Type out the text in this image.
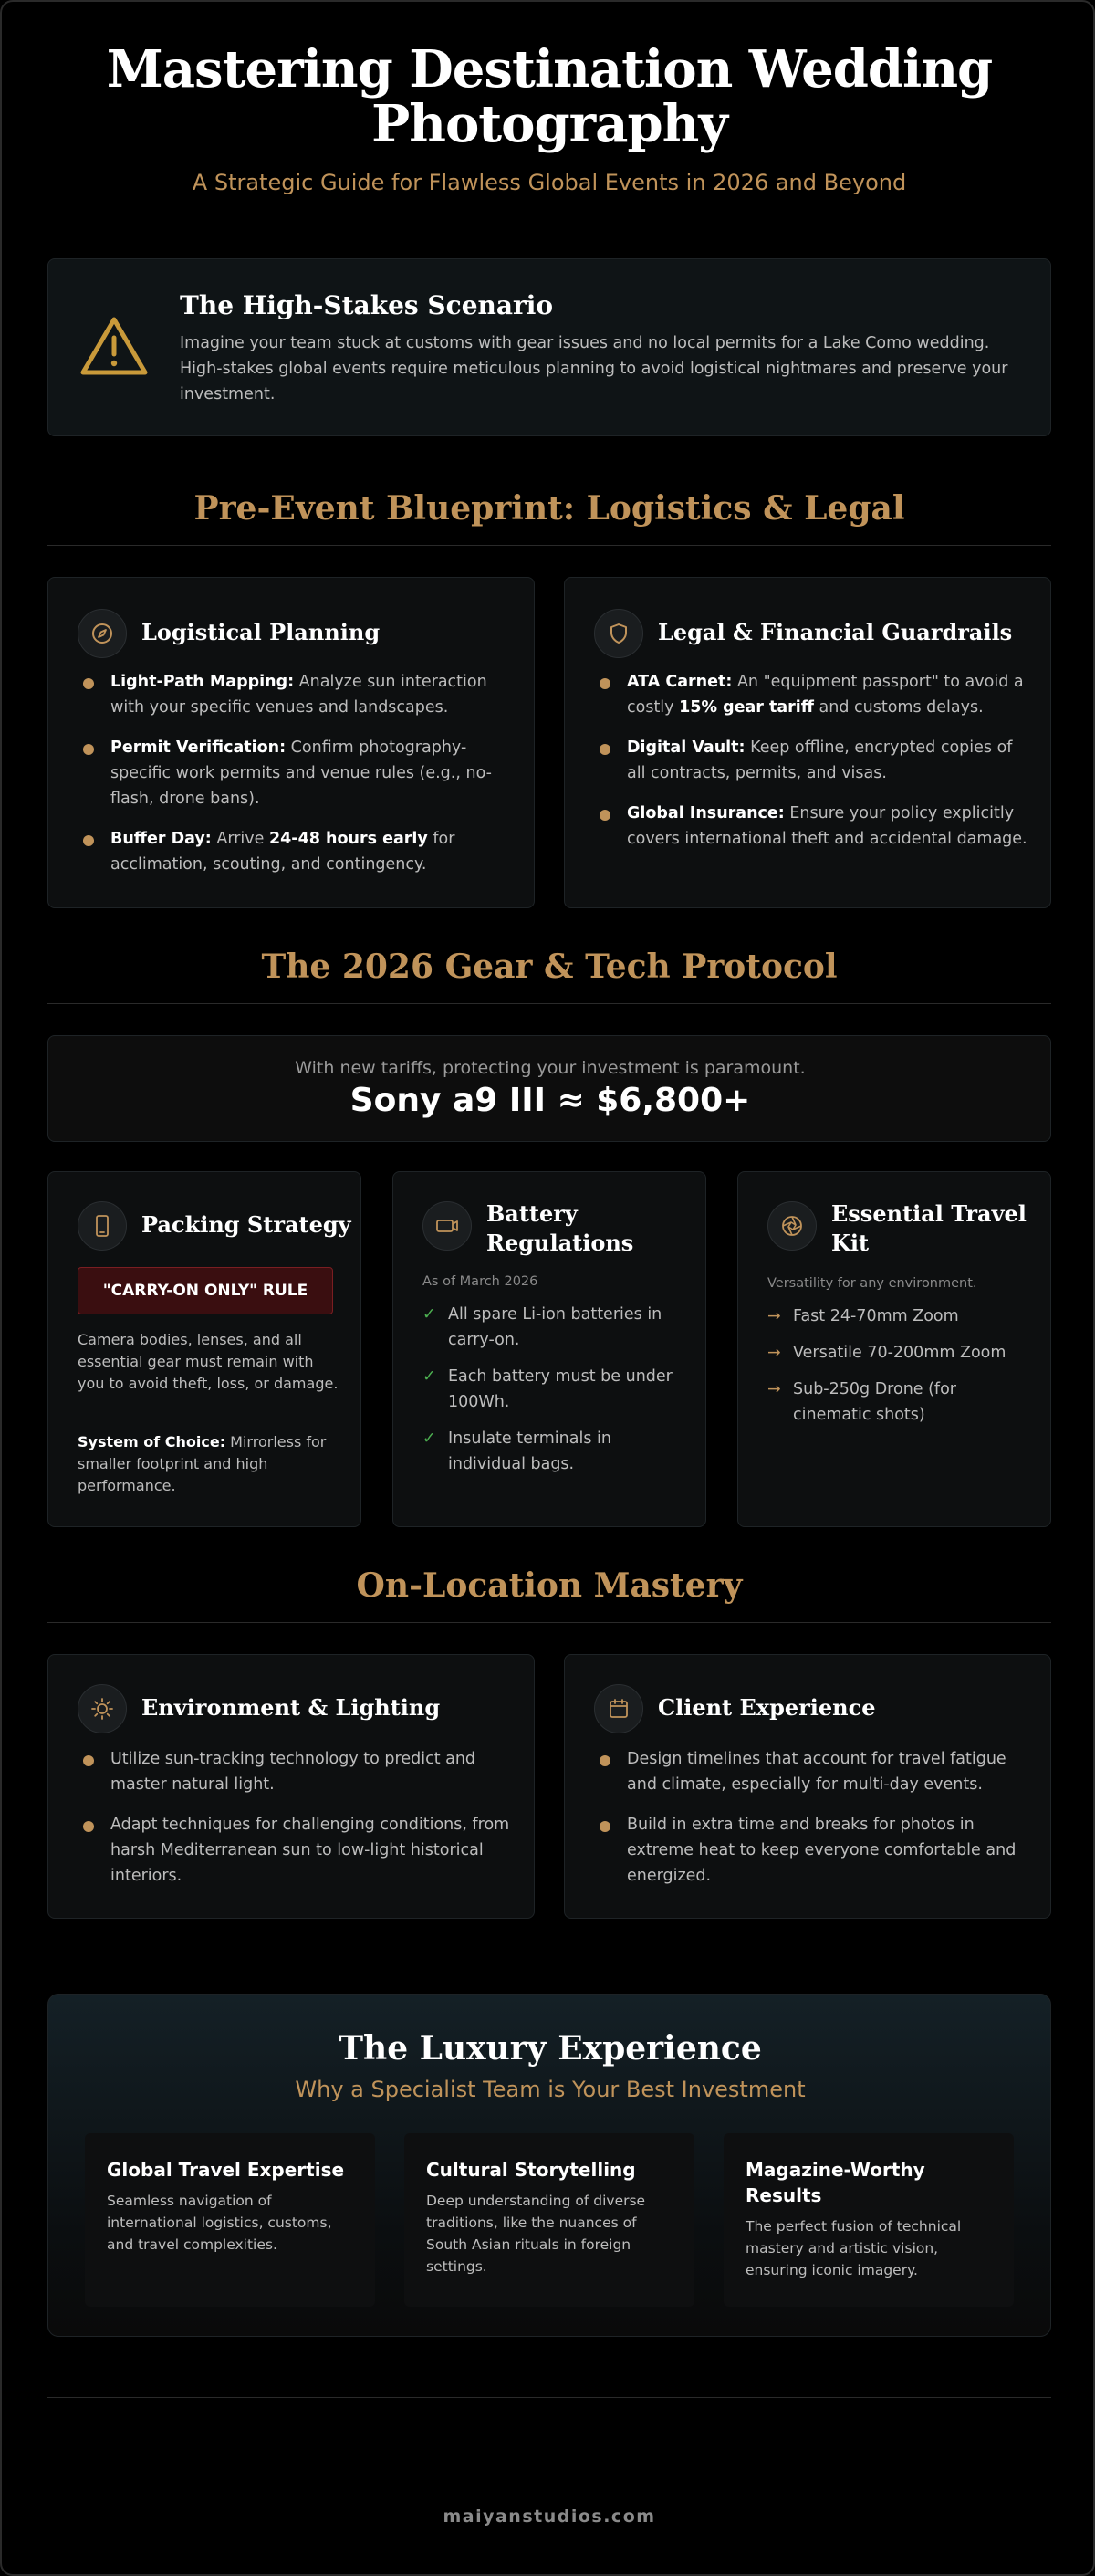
Mastering Destination Wedding
Photography
A Strategic Guide for Flawless Global Events in 2026 and Beyond
The High-Stakes Scenario
Imagine your team stuck at customs with gear issues and no local permits for a Lake Como wedding. High-stakes global events require meticulous planning to avoid logistical nightmares and preserve your investment.
Pre-Event Blueprint: Logistics & Legal
Logistical Planning
Light-Path Mapping: Analyze sun interaction with your specific venues and landscapes.
Permit Verification: Confirm photography-specific work permits and venue rules (e.g., no-flash, drone bans).
Buffer Day: Arrive 24-48 hours early for acclimation, scouting, and contingency.
Legal & Financial Guardrails
ATA Carnet: An "equipment passport" to avoid a costly 15% gear tariff and customs delays.
Digital Vault: Keep offline, encrypted copies of all contracts, permits, and visas.
Global Insurance: Ensure your policy explicitly covers international theft and accidental damage.
The 2026 Gear & Tech Protocol
With new tariffs, protecting your investment is paramount.
Sony a9 III ≈ $6,800+
Packing Strategy
"CARRY-ON ONLY" RULE
Camera bodies, lenses, and all essential gear must remain with you to avoid theft, loss, or damage.
System of Choice: Mirrorless for smaller footprint and high performance.
Battery
Regulations
As of March 2026
✓ All spare Li-ion batteries in carry-on.
✓ Each battery must be under 100Wh.
✓ Insulate terminals in individual bags.
Essential Travel
Kit
Versatility for any environment.
→ Fast 24-70mm Zoom
→ Versatile 70-200mm Zoom
→ Sub-250g Drone (for cinematic shots)
On-Location Mastery
Environment & Lighting
Utilize sun-tracking technology to predict and master natural light.
Adapt techniques for challenging conditions, from harsh Mediterranean sun to low-light historical interiors.
Client Experience
Design timelines that account for travel fatigue and climate, especially for multi-day events.
Build in extra time and breaks for photos in extreme heat to keep everyone comfortable and energized.
The Luxury Experience
Why a Specialist Team is Your Best Investment
Global Travel Expertise
Seamless navigation of international logistics, customs, and travel complexities.
Cultural Storytelling
Deep understanding of diverse traditions, like the nuances of South Asian rituals in foreign settings.
Magazine-Worthy
Results
The perfect fusion of technical mastery and artistic vision, ensuring iconic imagery.
maiyanstudios.com
